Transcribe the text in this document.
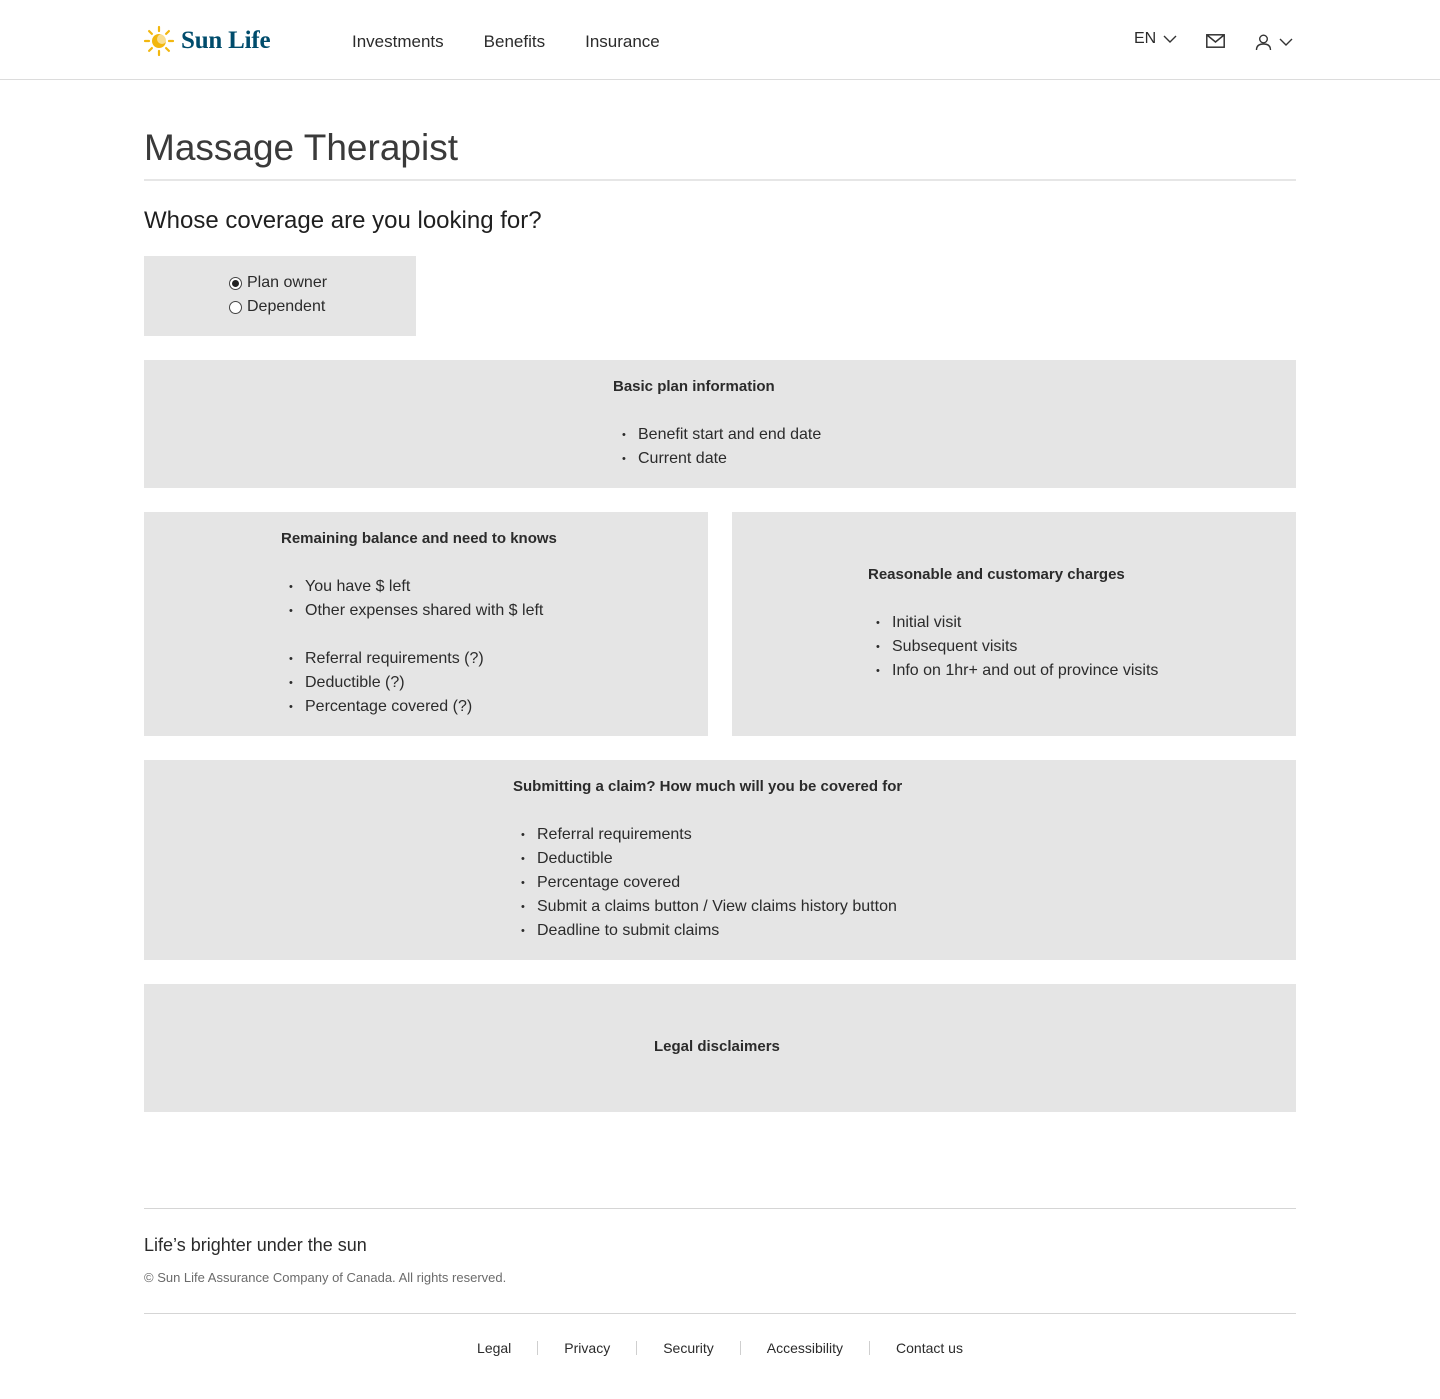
Sun Life	Investments Benefits Insurance	EN
Massage Therapist
Whose coverage are you looking for?
Plan owner
Dependent
Basic plan information
• Benefit start and end date
• Current date
Remaining balance and need to knows
• You have $ left
• Other expenses shared with $ left
• Referral requirements (?)
• Deductible (?)
• Percentage covered (?)
Reasonable and customary charges
• Initial visit
• Subsequent visits
• Info on 1hr+ and out of province visits
Submitting a claim? How much will you be covered for
• Referral requirements
• Deductible
• Percentage covered
• Submit a claims button / View claims history button
• Deadline to submit claims
Legal disclaimers
Life’s brighter under the sun
© Sun Life Assurance Company of Canada. All rights reserved.
Legal	Privacy	Security	Accessibility	Contact us
